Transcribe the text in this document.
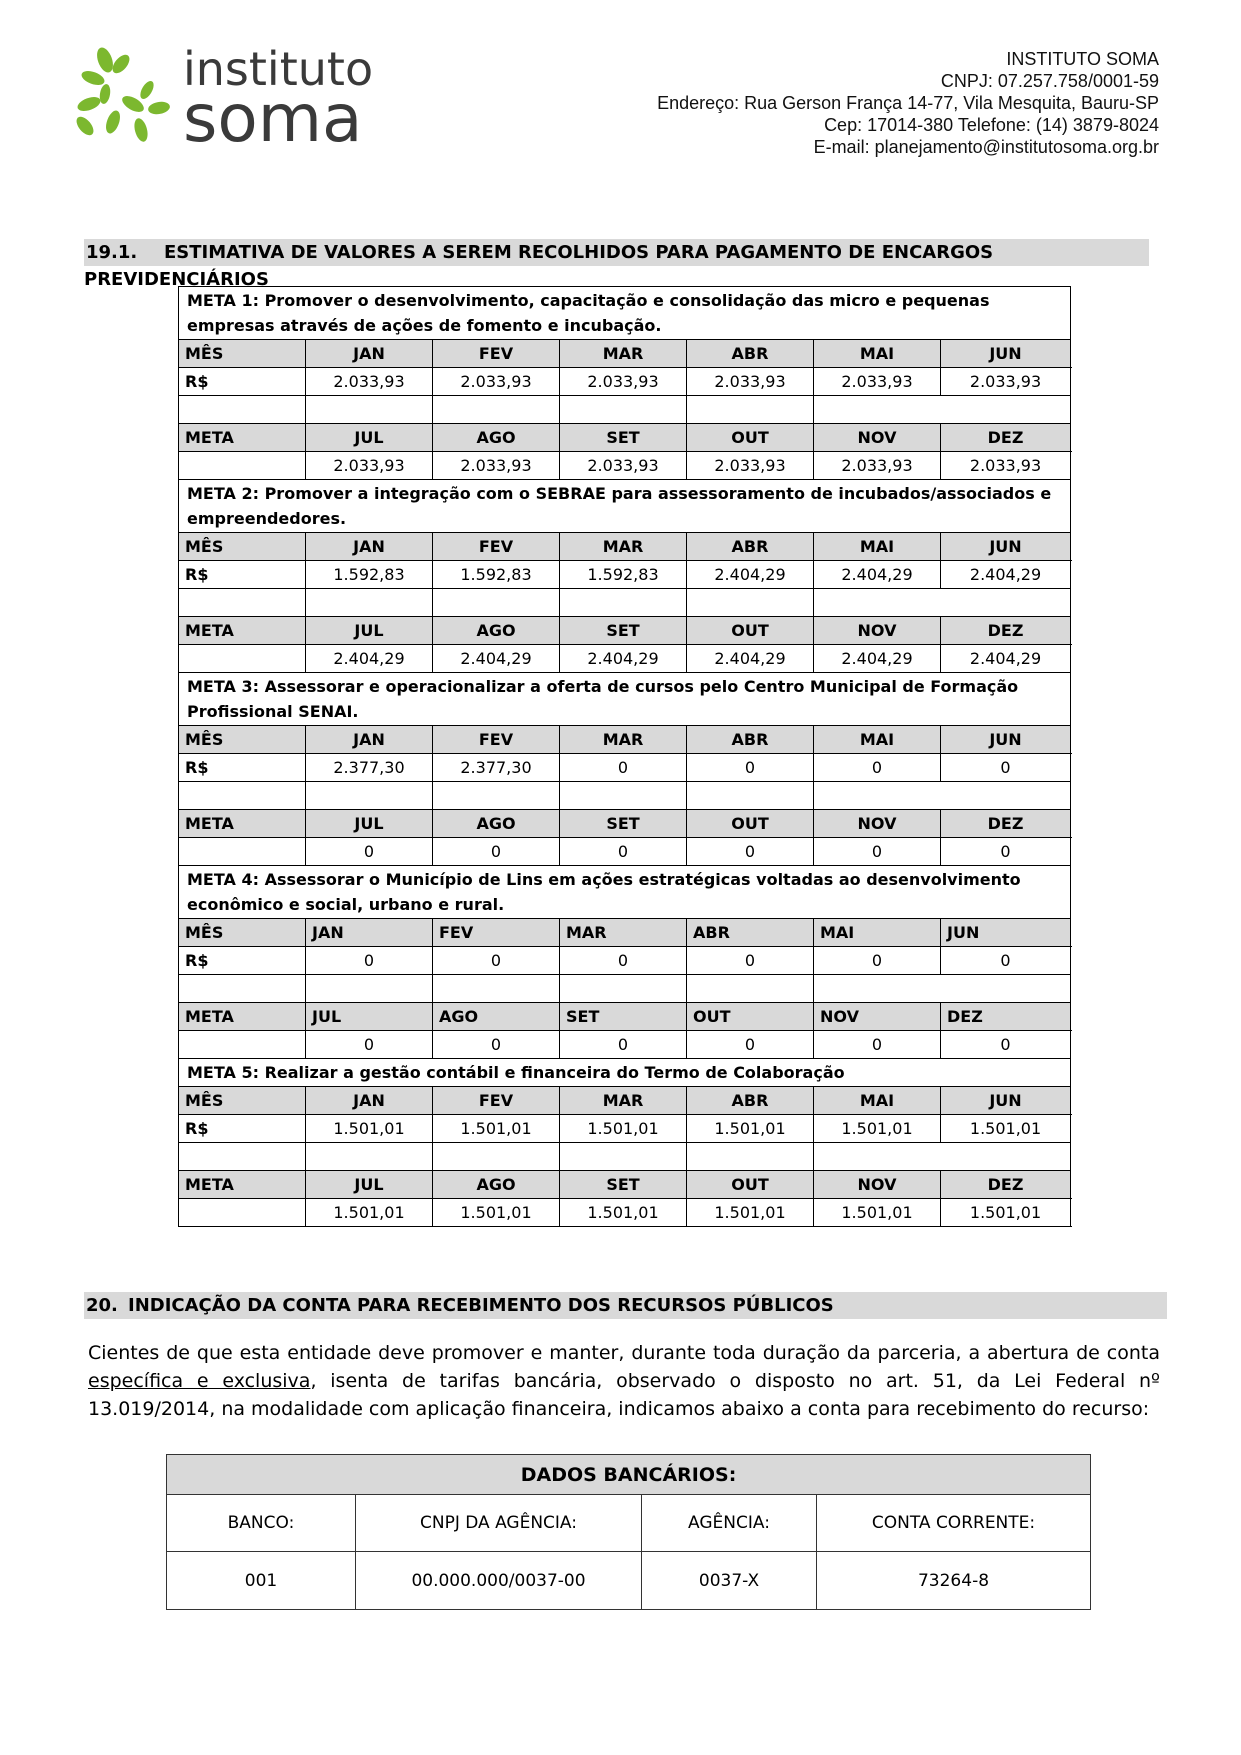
instituto
soma
INSTITUTO SOMA
CNPJ: 07.257.758/0001-59
Endereço: Rua Gerson França 14-77, Vila Mesquita, Bauru-SP
Cep: 17014-380 Telefone: (14) 3879-8024
E-mail: planejamento@institutosoma.org.br
19.1. ESTIMATIVA DE VALORES A SEREM RECOLHIDOS PARA PAGAMENTO DE ENCARGOS PREVIDENCIÁRIOS
META 1: Promover o desenvolvimento, capacitação e consolidação das micro e pequenas empresas através de ações de fomento e incubação.						
MÊS	JAN	FEV	MAR	ABR	MAI	JUN
R$	2.033,93	2.033,93	2.033,93	2.033,93	2.033,93	2.033,93

META	JUL	AGO	SET	OUT	NOV	DEZ
	2.033,93	2.033,93	2.033,93	2.033,93	2.033,93	2.033,93
META 2: Promover a integração com o SEBRAE para assessoramento de incubados/associados e empreendedores.						
MÊS	JAN	FEV	MAR	ABR	MAI	JUN
R$	1.592,83	1.592,83	1.592,83	2.404,29	2.404,29	2.404,29

META	JUL	AGO	SET	OUT	NOV	DEZ
	2.404,29	2.404,29	2.404,29	2.404,29	2.404,29	2.404,29
META 3: Assessorar e operacionalizar a oferta de cursos pelo Centro Municipal de Formação Profissional SENAI.						
MÊS	JAN	FEV	MAR	ABR	MAI	JUN
R$	2.377,30	2.377,30	0	0	0	0

META	JUL	AGO	SET	OUT	NOV	DEZ
	0	0	0	0	0	0
META 4: Assessorar o Município de Lins em ações estratégicas voltadas ao desenvolvimento econômico e social, urbano e rural.						
MÊS	JAN	FEV	MAR	ABR	MAI	JUN
R$	0	0	0	0	0	0

META	JUL	AGO	SET	OUT	NOV	DEZ
	0	0	0	0	0	0
META 5: Realizar a gestão contábil e financeira do Termo de Colaboração						
MÊS	JAN	FEV	MAR	ABR	MAI	JUN
R$	1.501,01	1.501,01	1.501,01	1.501,01	1.501,01	1.501,01

META	JUL	AGO	SET	OUT	NOV	DEZ
	1.501,01	1.501,01	1.501,01	1.501,01	1.501,01	1.501,01
20. INDICAÇÃO DA CONTA PARA RECEBIMENTO DOS RECURSOS PÚBLICOS
Cientes de que esta entidade deve promover e manter, durante toda duração da parceria, a abertura de conta específica e exclusiva, isenta de tarifas bancária, observado o disposto no art. 51, da Lei Federal nº 13.019/2014, na modalidade com aplicação financeira, indicamos abaixo a conta para recebimento do recurso:
DADOS BANCÁRIOS:			
BANCO:	CNPJ DA AGÊNCIA:	AGÊNCIA:	CONTA CORRENTE:
001	00.000.000/0037-00	0037-X	73264-8
